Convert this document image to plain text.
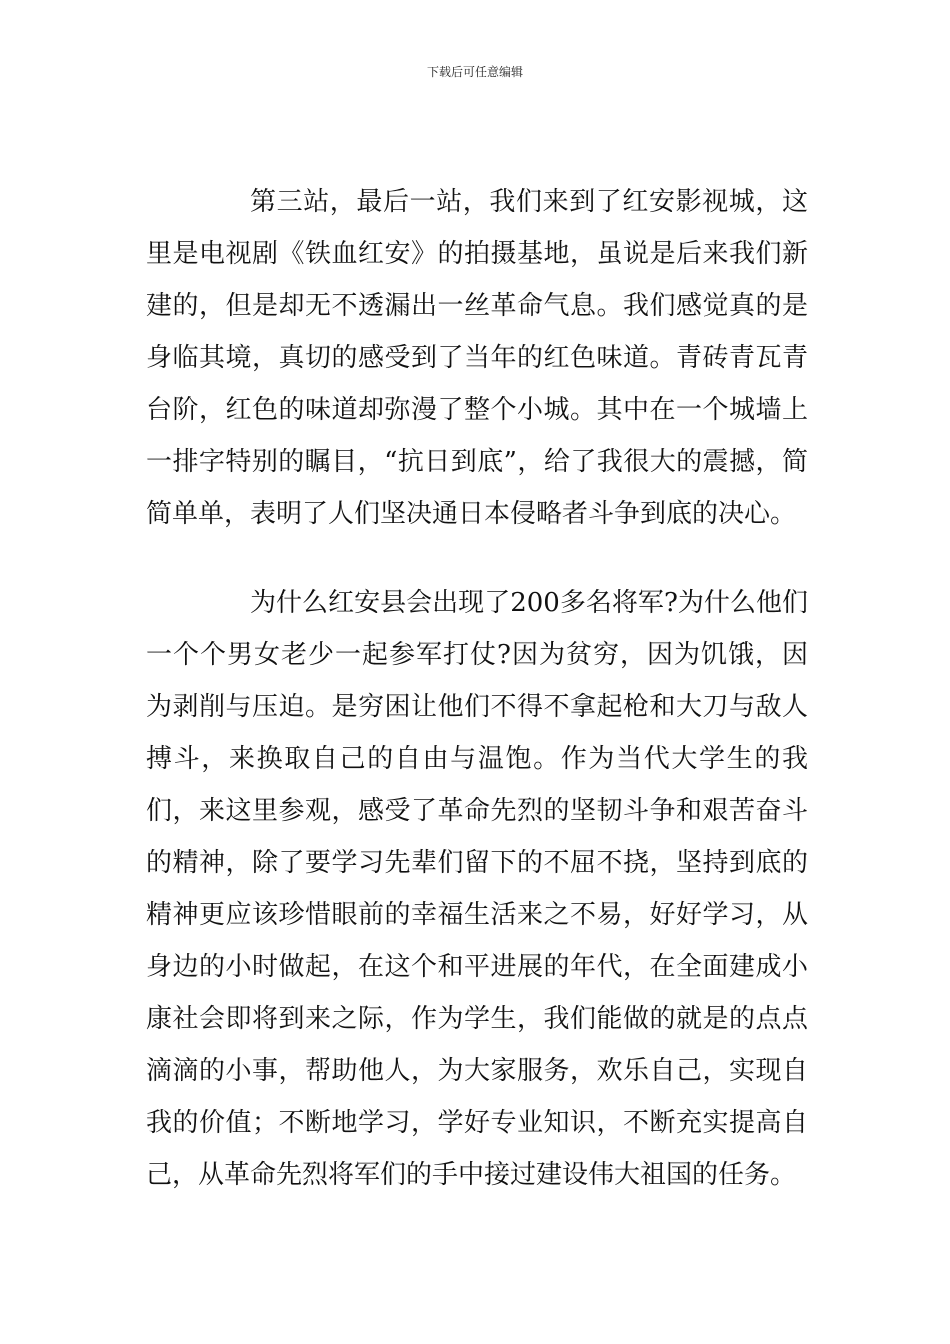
下载后可任意编辑

第三站，最后一站，我们来到了红安影视城，这里是电视剧《铁血红安》的拍摄基地，虽说是后来我们新建的，但是却无不透漏出一丝革命气息。我们感觉真的是身临其境，真切的感受到了当年的红色味道。青砖青瓦青台阶，红色的味道却弥漫了整个小城。其中在一个城墙上一排字特别的瞩目，“抗日到底”，给了我很大的震撼，简简单单，表明了人们坚决通日本侵略者斗争到底的决心。

为什么红安县会出现了200多名将军?为什么他们一个个男女老少一起参军打仗?因为贫穷，因为饥饿，因为剥削与压迫。是穷困让他们不得不拿起枪和大刀与敌人搏斗，来换取自己的自由与温饱。作为当代大学生的我们，来这里参观，感受了革命先烈的坚韧斗争和艰苦奋斗的精神，除了要学习先辈们留下的不屈不挠，坚持到底的精神更应该珍惜眼前的幸福生活来之不易，好好学习，从身边的小时做起，在这个和平进展的年代，在全面建成小康社会即将到来之际，作为学生，我们能做的就是的点点滴滴的小事，帮助他人，为大家服务，欢乐自己，实现自我的价值；不断地学习，学好专业知识，不断充实提高自己，从革命先烈将军们的手中接过建设伟大祖国的任务。
